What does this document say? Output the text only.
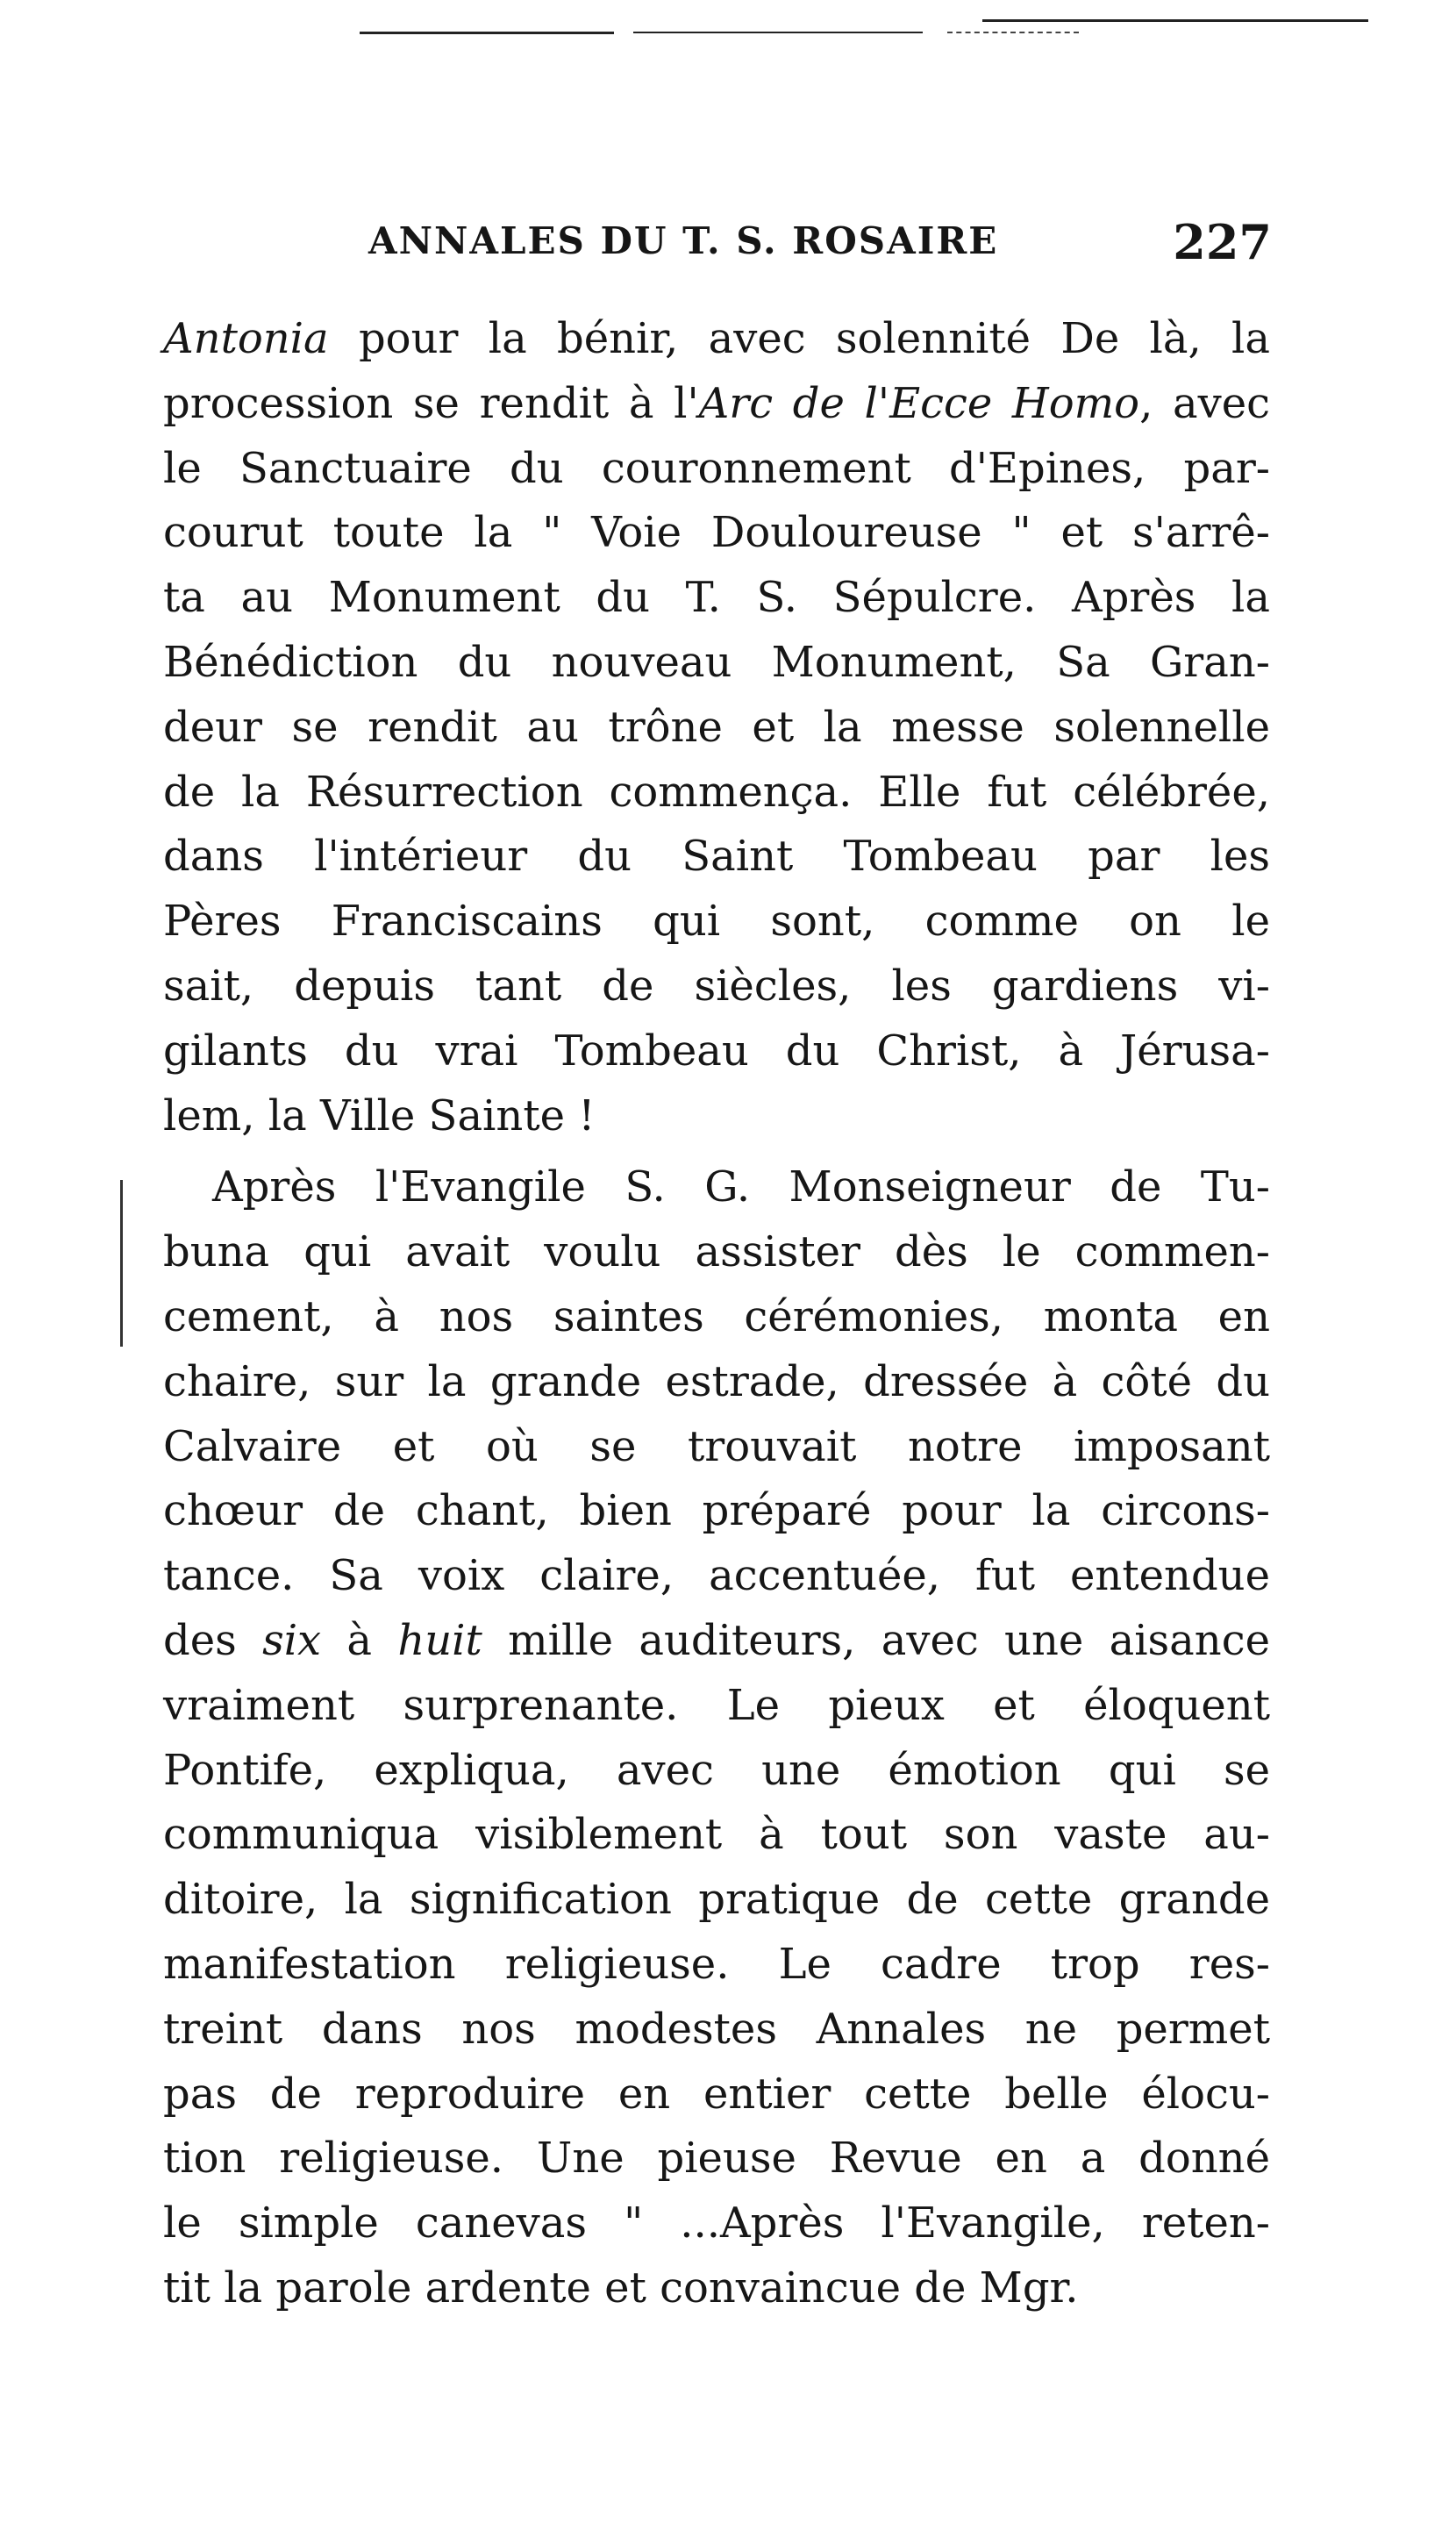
ANNALES DU T. S. ROSAIRE	227
Antonia pour la bénir, avec solennité De là, la
procession se rendit à l'Arc de l'Ecce Homo, avec
le Sanctuaire du couronnement d'Epines, par-
courut toute la " Voie Douloureuse " et s'arrê-
ta au Monument du T. S. Sépulcre. Après la
Bénédiction du nouveau Monument, Sa Gran-
deur se rendit au trône et la messe solennelle
de la Résurrection commença. Elle fut célébrée,
dans l'intérieur du Saint Tombeau par les
Pères Franciscains qui sont, comme on le
sait, depuis tant de siècles, les gardiens vi-
gilants du vrai Tombeau du Christ, à Jérusa-
lem, la Ville Sainte !
Après l'Evangile S. G. Monseigneur de Tu-
buna qui avait voulu assister dès le commen-
cement, à nos saintes cérémonies, monta en
chaire, sur la grande estrade, dressée à côté du
Calvaire et où se trouvait notre imposant
chœur de chant, bien préparé pour la circons-
tance. Sa voix claire, accentuée, fut entendue
des six à huit mille auditeurs, avec une aisance
vraiment surprenante. Le pieux et éloquent
Pontife, expliqua, avec une émotion qui se
communiqua visiblement à tout son vaste au-
ditoire, la signification pratique de cette grande
manifestation religieuse. Le cadre trop res-
treint dans nos modestes Annales ne permet
pas de reproduire en entier cette belle élocu-
tion religieuse. Une pieuse Revue en a donné
le simple canevas " ...Après l'Evangile, reten-
tit la parole ardente et convaincue de Mgr.
